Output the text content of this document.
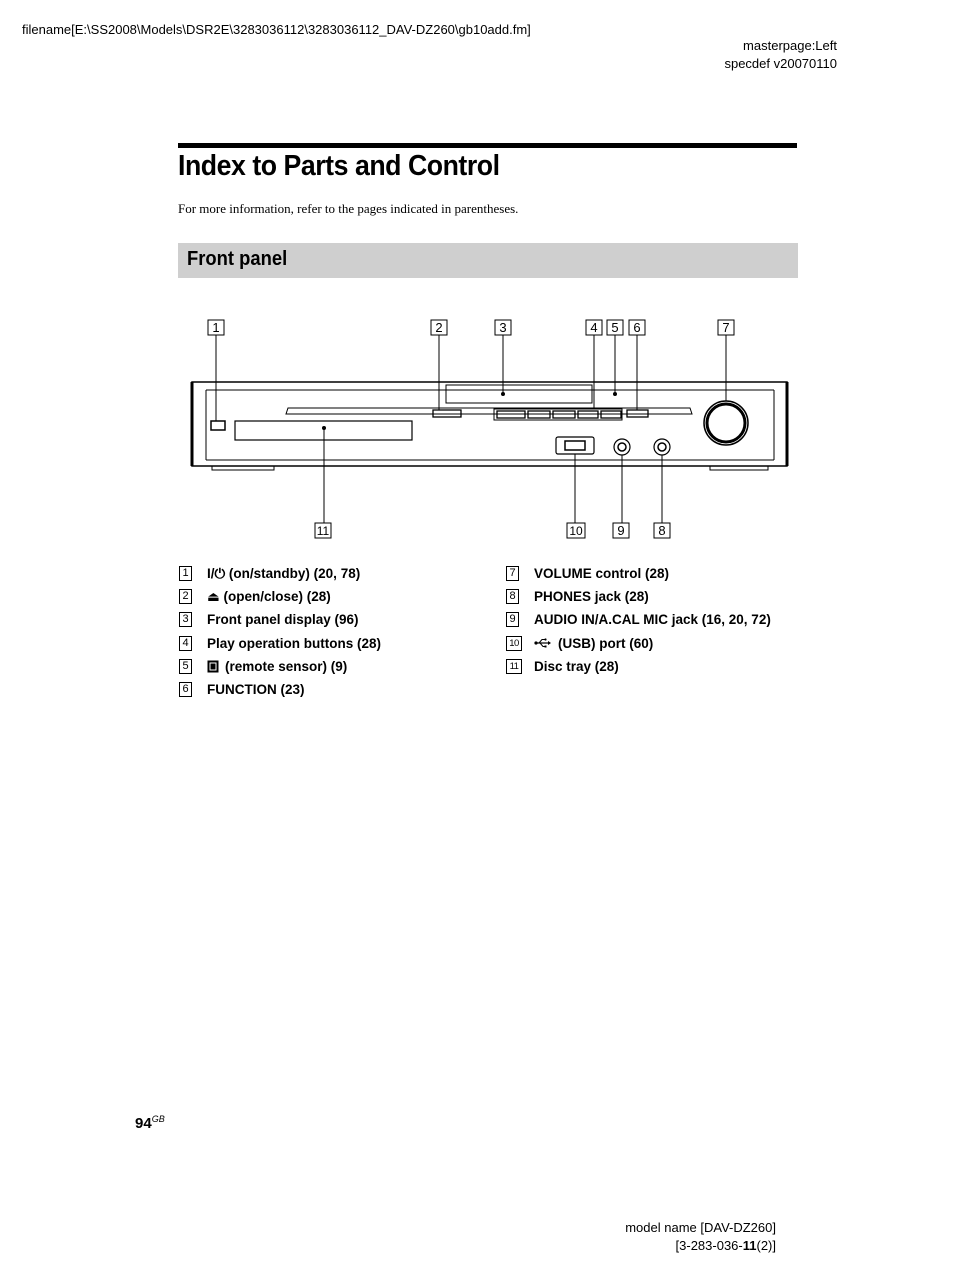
filename[E:\SS2008\Models\DSR2E\3283036112\3283036112_DAV-DZ260\gb10add.fm]
masterpage:Left
specdef v20070110
Index to Parts and Control
For more information, refer to the pages indicated in parentheses.
Front panel
1	2	3	4 5 6	7
11	10	9	8
1 I/⏻ (on/standby) (20, 78)
2 ⏏ (open/close) (28)
3 Front panel display (96)
4 Play operation buttons (28)
5	(remote sensor) (9)
6 FUNCTION (23)
7 VOLUME control (28)
8 PHONES jack (28)
9 AUDIO IN/A.CAL MIC jack (16, 20, 72)
10	(USB) port (60)
11 Disc tray (28)
$94^{GB}$
model name [DAV-DZ260]
[3-283-036-11(2)]
